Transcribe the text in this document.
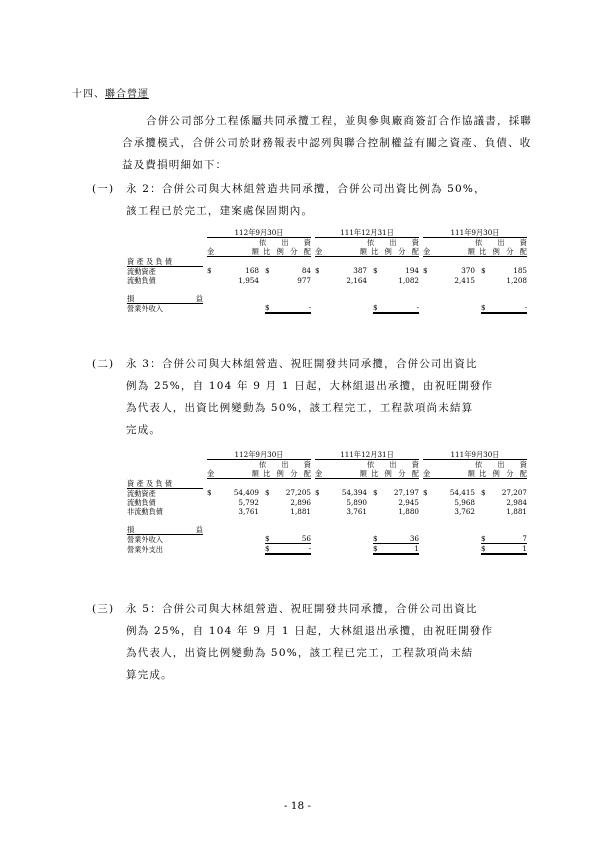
十四、聯合營運
合併公司部分工程係屬共同承攬工程，並與參與廠商簽訂合作協議書，採聯合承攬模式，合併公司於財務報表中認列與聯合控制權益有關之資產、負債、收益及費損明細如下：
(一) 永 2：合併公司與大林組營造共同承攬，合併公司出資比例為 50%，
該工程已於完工，建案處保固期內。
		112年9月30日			111年12月31日			111年9月30日	

			依 出 資			依 出 資			依 出 資

		金 額	比 例 分 配		金 額	比 例 分 配		金 額	比 例 分 配

資 產 及 負 債									
流動資產		$ 168	$ 84		$ 387	$ 194		$ 370	$ 185

流動負債		1,954	977		2,164	1,082		2,415	1,208

損 益									

營業外收入			$ -			$ -			$ -
(二) 永 3：合併公司與大林組營造、祝旺開發共同承攬，合併公司出資比
例為 25%，自 104 年 9 月 1 日起，大林組退出承攬，由祝旺開發作
為代表人，出資比例變動為 50%，該工程完工，工程款項尚未結算
完成。
		112年9月30日			111年12月31日			111年9月30日	

			依 出 資			依 出 資			依 出 資

		金 額	比 例 分 配		金 額	比 例 分 配		金 額	比 例 分 配

資 產 及 負 債									
流動資產		$ 54,409	$ 27,205		$ 54,394	$ 27,197		$ 54,415	$ 27,207

流動負債		5,792	2,896		5,890	2,945		5,968	2,984
非流動負債		3,761	1,881		3,761	1,880		3,762	1,881

損 益									

營業外收入			$ 56			$ 36			$ 7

營業外支出			$ -			$ 1			$ 1
(三) 永 5：合併公司與大林組營造、祝旺開發共同承攬，合併公司出資比
例為 25%，自 104 年 9 月 1 日起，大林組退出承攬，由祝旺開發作
為代表人，出資比例變動為 50%，該工程已完工，工程款項尚未結
算完成。
- 18 -
